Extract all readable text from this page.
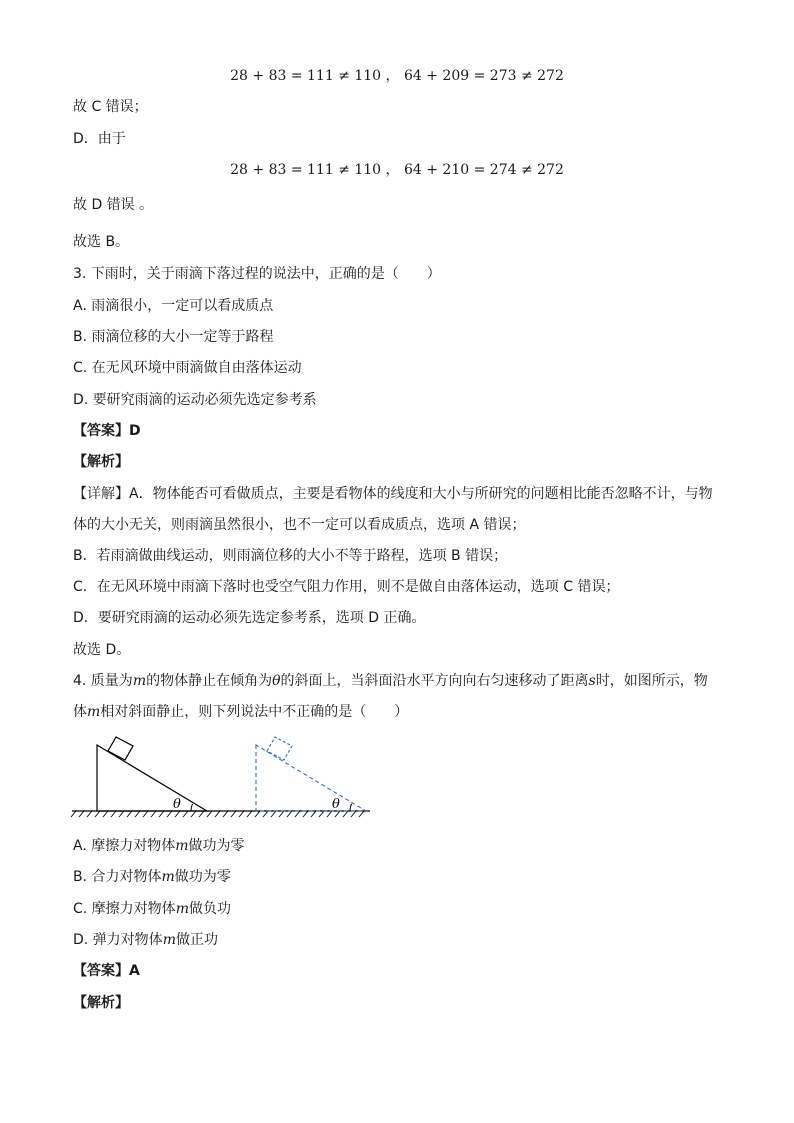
28 + 83 = 111 ≠ 110 ， 64 + 209 = 273 ≠ 272
故 C 错误；
D．由于
28 + 83 = 111 ≠ 110 ， 64 + 210 = 274 ≠ 272
故 D 错误 。
故选 B。
3. 下雨时，关于雨滴下落过程的说法中，正确的是（　　）
A. 雨滴很小，一定可以看成质点
B. 雨滴位移的大小一定等于路程
C. 在无风环境中雨滴做自由落体运动
D. 要研究雨滴的运动必须先选定参考系
【答案】D
【解析】
【详解】A．物体能否可看做质点，主要是看物体的线度和大小与所研究的问题相比能否忽略不计，与物
体的大小无关，则雨滴虽然很小，也不一定可以看成质点，选项 A 错误；
B．若雨滴做曲线运动，则雨滴位移的大小不等于路程，选项 B 错误；
C．在无风环境中雨滴下落时也受空气阻力作用，则不是做自由落体运动，选项 C 错误；
D．要研究雨滴的运动必须先选定参考系，选项 D 正确。
故选 D。
4. 质量为m的物体静止在倾角为θ的斜面上，当斜面沿水平方向向右匀速移动了距离s时，如图所示，物
体m相对斜面静止，则下列说法中不正确的是（　　）
θ	θ
A. 摩擦力对物体m做功为零
B. 合力对物体m做功为零
C. 摩擦力对物体m做负功
D. 弹力对物体m做正功
【答案】A
【解析】
